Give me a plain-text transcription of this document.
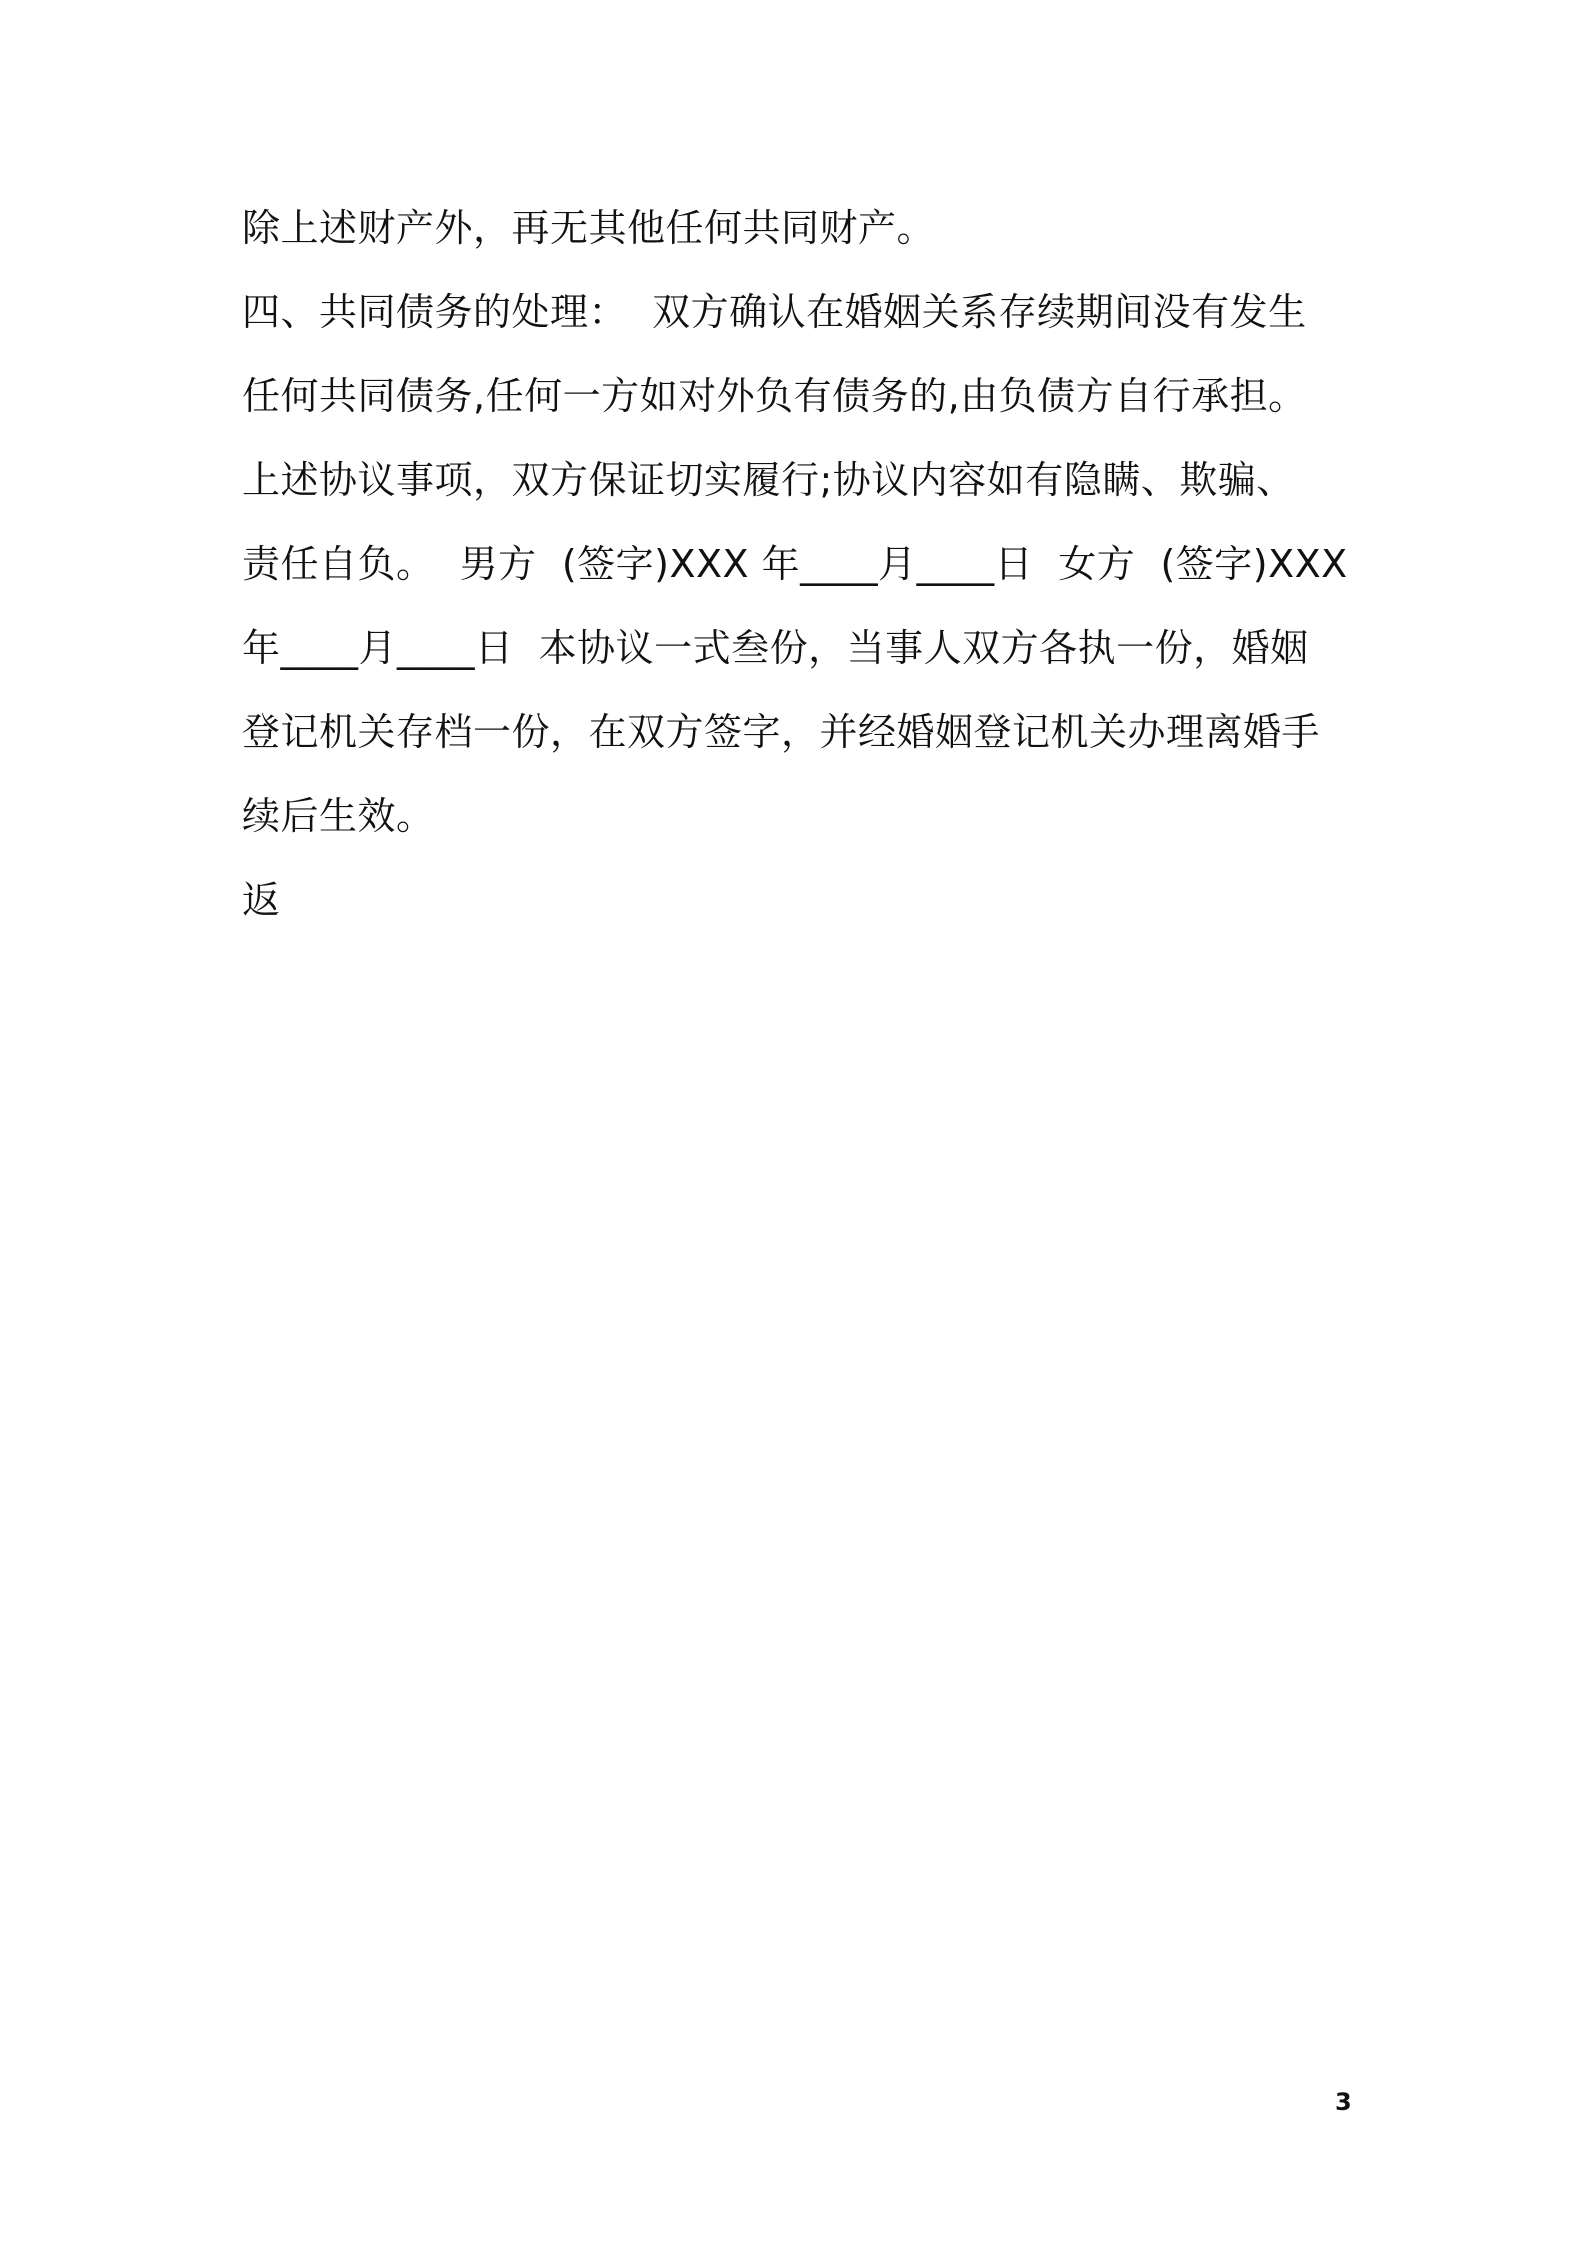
除上述财产外，再无其他任何共同财产。

四、共同债务的处理：  双方确认在婚姻关系存续期间没有发生

任何共同债务,任何一方如对外负有债务的,由负债方自行承担。

上述协议事项，双方保证切实履行;协议内容如有隐瞒、欺骗、

责任自负。  男方  (签字)XXX 年____月____日  女方  (签字)XXX

年____月____日  本协议一式叁份，当事人双方各执一份，婚姻

登记机关存档一份，在双方签字，并经婚姻登记机关办理离婚手

续后生效。

返

3
